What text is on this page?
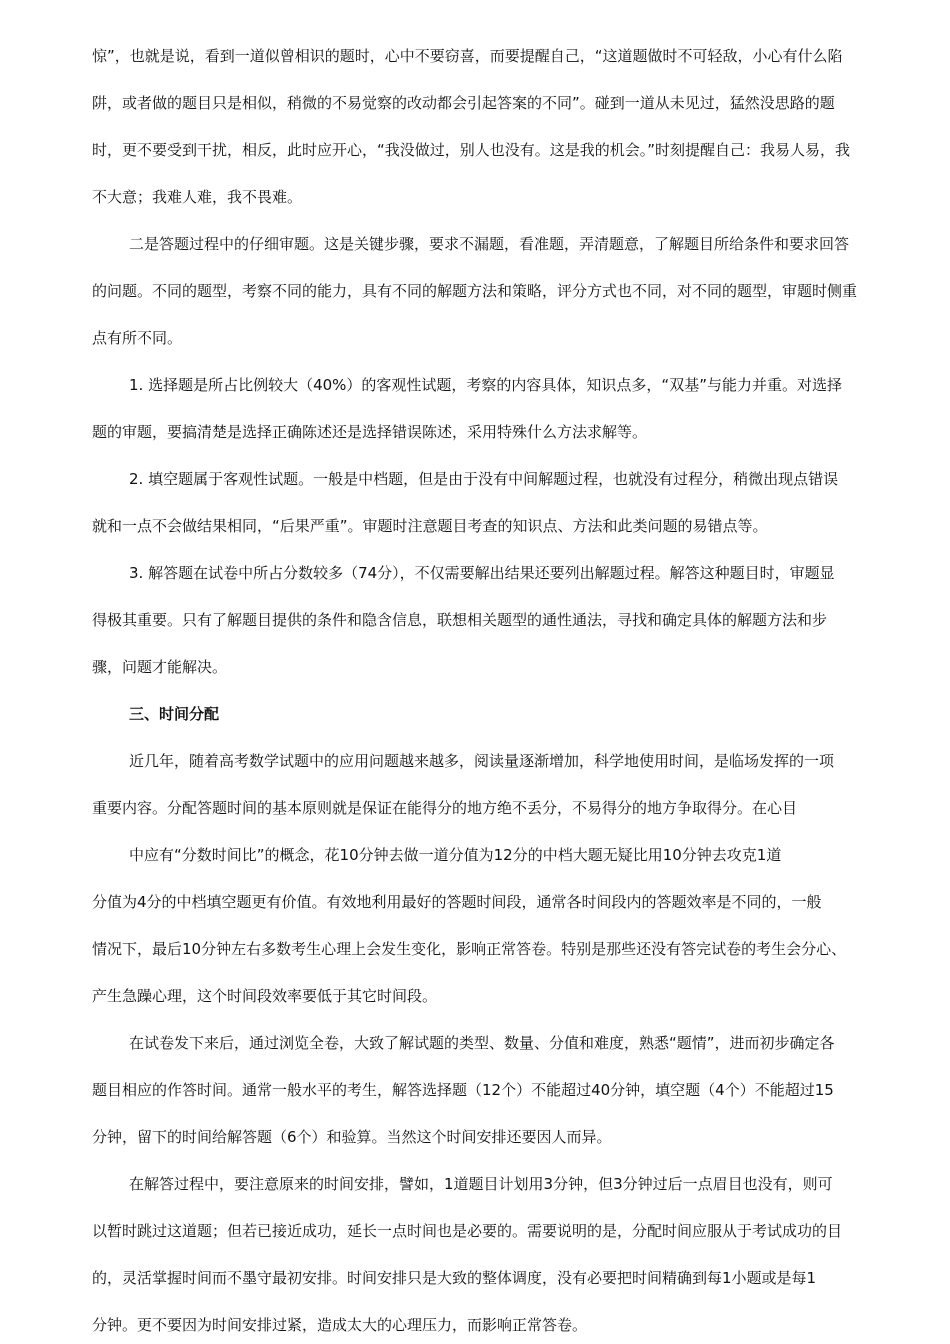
惊”，也就是说，看到一道似曾相识的题时，心中不要窃喜，而要提醒自己，“这道题做时不可轻敌，小心有什么陷

阱，或者做的题目只是相似，稍微的不易觉察的改动都会引起答案的不同”。碰到一道从未见过，猛然没思路的题

时，更不要受到干扰，相反，此时应开心，“我没做过，别人也没有。这是我的机会。”时刻提醒自己：我易人易，我

不大意；我难人难，我不畏难。

二是答题过程中的仔细审题。这是关键步骤，要求不漏题，看准题，弄清题意，了解题目所给条件和要求回答

的问题。不同的题型，考察不同的能力，具有不同的解题方法和策略，评分方式也不同，对不同的题型，审题时侧重

点有所不同。

1. 选择题是所占比例较大（40%）的客观性试题，考察的内容具体，知识点多，“双基”与能力并重。对选择

题的审题，要搞清楚是选择正确陈述还是选择错误陈述，采用特殊什么方法求解等。

2. 填空题属于客观性试题。一般是中档题，但是由于没有中间解题过程，也就没有过程分，稍微出现点错误

就和一点不会做结果相同，“后果严重”。审题时注意题目考查的知识点、方法和此类问题的易错点等。

3. 解答题在试卷中所占分数较多（74分），不仅需要解出结果还要列出解题过程。解答这种题目时，审题显

得极其重要。只有了解题目提供的条件和隐含信息，联想相关题型的通性通法，寻找和确定具体的解题方法和步

骤，问题才能解决。

三、时间分配

近几年，随着高考数学试题中的应用问题越来越多，阅读量逐渐增加，科学地使用时间，是临场发挥的一项

重要内容。分配答题时间的基本原则就是保证在能得分的地方绝不丢分，不易得分的地方争取得分。在心目

中应有“分数时间比”的概念，花10分钟去做一道分值为12分的中档大题无疑比用10分钟去攻克1道

分值为4分的中档填空题更有价值。有效地利用最好的答题时间段，通常各时间段内的答题效率是不同的，一般

情况下，最后10分钟左右多数考生心理上会发生变化，影响正常答卷。特别是那些还没有答完试卷的考生会分心、

产生急躁心理，这个时间段效率要低于其它时间段。

在试卷发下来后，通过浏览全卷，大致了解试题的类型、数量、分值和难度，熟悉“题情”，进而初步确定各

题目相应的作答时间。通常一般水平的考生，解答选择题（12个）不能超过40分钟，填空题（4个）不能超过15

分钟，留下的时间给解答题（6个）和验算。当然这个时间安排还要因人而异。

在解答过程中，要注意原来的时间安排，譬如，1道题目计划用3分钟，但3分钟过后一点眉目也没有，则可

以暂时跳过这道题；但若已接近成功，延长一点时间也是必要的。需要说明的是，分配时间应服从于考试成功的目

的，灵活掌握时间而不墨守最初安排。时间安排只是大致的整体调度，没有必要把时间精确到每1小题或是每1

分钟。更不要因为时间安排过紧，造成太大的心理压力，而影响正常答卷。
